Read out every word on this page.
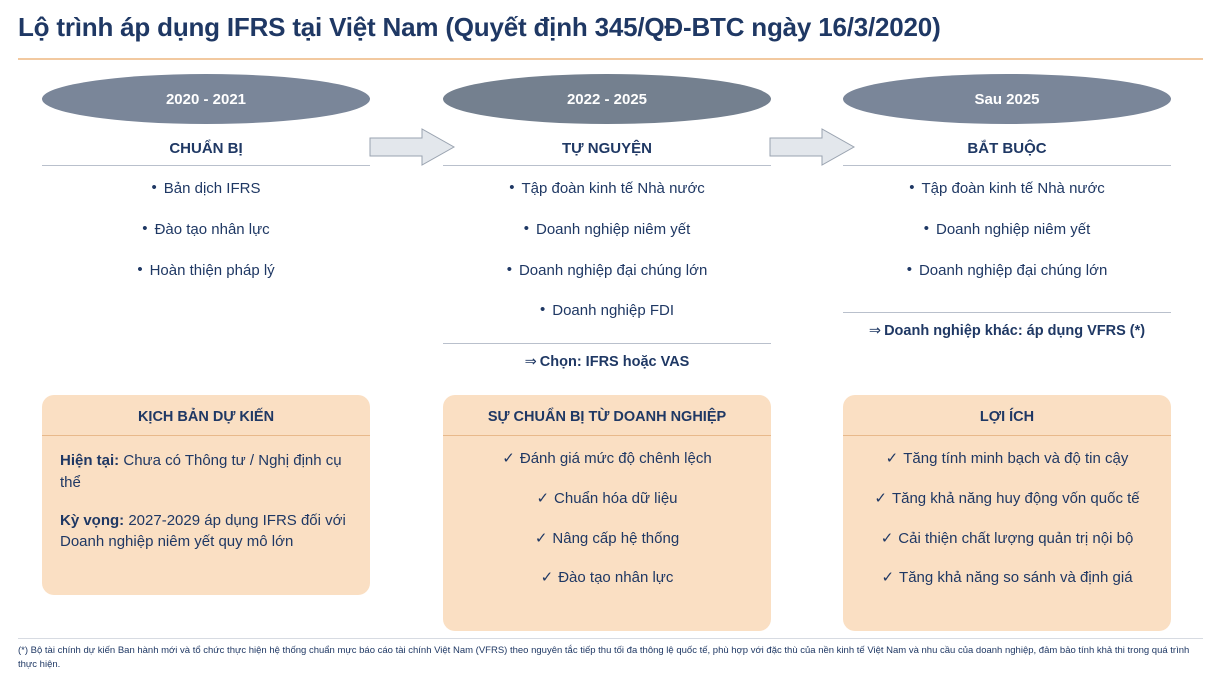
Lộ trình áp dụng IFRS tại Việt Nam (Quyết định 345/QĐ-BTC ngày 16/3/2020)
2020 - 2021
CHUẨN BỊ
• Bản dịch IFRS
• Đào tạo nhân lực
• Hoàn thiện pháp lý
2022 - 2025
TỰ NGUYỆN
• Tập đoàn kinh tế Nhà nước
• Doanh nghiệp niêm yết
• Doanh nghiệp đại chúng lớn
• Doanh nghiệp FDI
⇒ Chọn: IFRS hoặc VAS
Sau 2025
BẮT BUỘC
• Tập đoàn kinh tế Nhà nước
• Doanh nghiệp niêm yết
• Doanh nghiệp đại chúng lớn
⇒ Doanh nghiệp khác: áp dụng VFRS (*)
KỊCH BẢN DỰ KIẾN
Hiện tại: Chưa có Thông tư / Nghị định cụ thể
Kỳ vọng: 2027-2029 áp dụng IFRS đối với Doanh nghiệp niêm yết quy mô lớn
SỰ CHUẨN BỊ TỪ DOANH NGHIỆP
✓ Đánh giá mức độ chênh lệch
✓ Chuẩn hóa dữ liệu
✓ Nâng cấp hệ thống
✓ Đào tạo nhân lực
LỢI ÍCH
✓ Tăng tính minh bạch và độ tin cậy
✓ Tăng khả năng huy động vốn quốc tế
✓ Cải thiện chất lượng quản trị nội bộ
✓ Tăng khả năng so sánh và định giá
(*) Bộ tài chính dự kiến Ban hành mới và tổ chức thực hiện hệ thống chuẩn mực báo cáo tài chính Việt Nam (VFRS) theo nguyên tắc tiếp thu tối đa thông lệ quốc tế, phù hợp với đặc thù của nền kinh tế Việt Nam và nhu cầu của doanh nghiệp, đảm bảo tính khả thi trong quá trình thực hiện.
